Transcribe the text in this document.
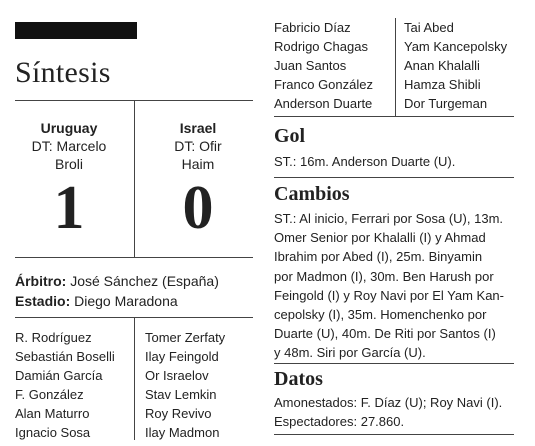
Síntesis
Uruguay
DT: Marcelo
Broli
1
Israel
DT: Ofir
Haim
0
Árbitro: José Sánchez (España)
Estadio: Diego Maradona
R. Rodríguez
Sebastián Boselli
Damián García
F. González
Alan Maturro
Ignacio Sosa
Tomer Zerfaty
Ilay Feingold
Or Israelov
Stav Lemkin
Roy Revivo
Ilay Madmon
Fabricio Díaz
Rodrigo Chagas
Juan Santos
Franco González
Anderson Duarte
Tai Abed
Yam Kancepolsky
Anan Khalalli
Hamza Shibli
Dor Turgeman
Gol
ST.: 16m. Anderson Duarte (U).
Cambios
ST.: Al inicio, Ferrari por Sosa (U), 13m.
Omer Senior por Khalalli (I) y Ahmad
Ibrahim por Abed (I), 25m. Binyamin
por Madmon (I), 30m. Ben Harush por
Feingold (I) y Roy Navi por El Yam Kan-
cepolsky (I), 35m. Homenchenko por
Duarte (U), 40m. De Riti por Santos (I)
y 48m. Siri por García (U).
Datos
Amonestados: F. Díaz (U); Roy Navi (I).
Espectadores: 27.860.
